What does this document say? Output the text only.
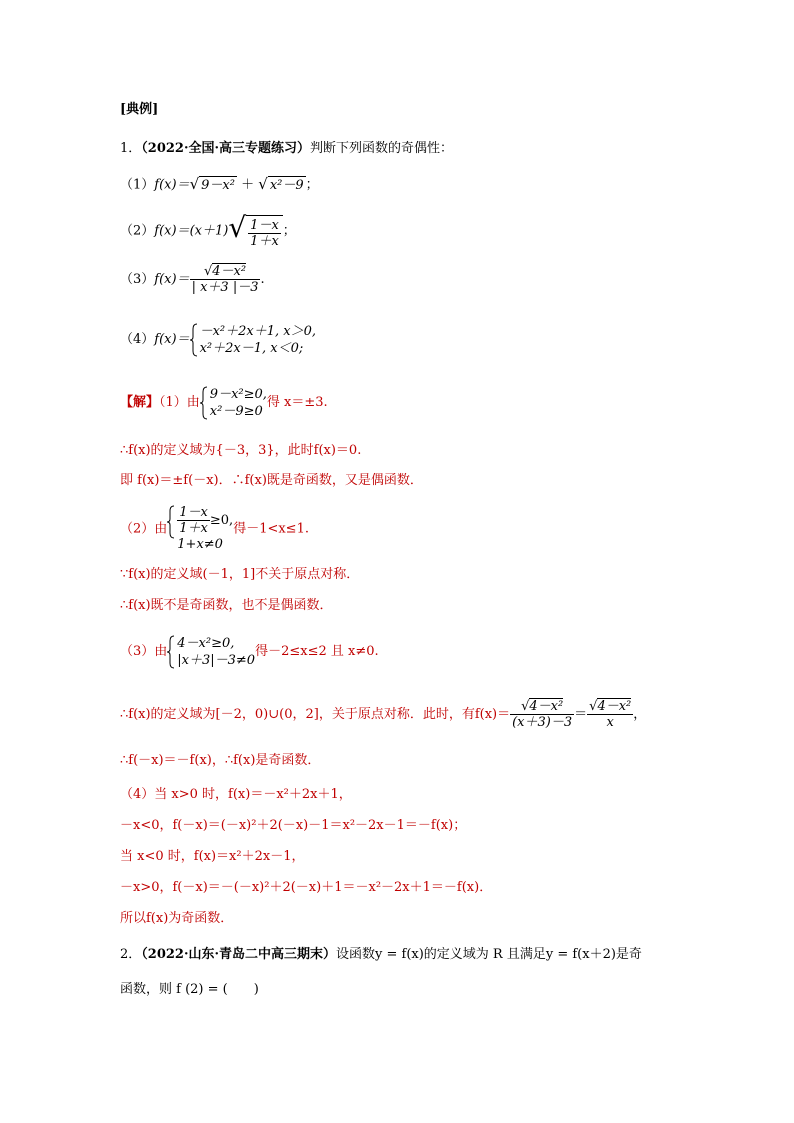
[典例]
1．（2022·全国·高三专题练习）判断下列函数的奇偶性：
（1）f(x)＝√ 9－x² ＋ √ x²－9 ；
$(2)f(x)=(x+1)√ \frac{1-x}{1+x}$ ；
$(3)f(x)= \frac{\text{√4－x²}}{| x+3 |-3}$ .
（4）f(x)＝
－x²＋2x＋1, x＞0,
x²＋2x－1, x＜0;
【解】（1）由
9－x²≥0,
x²－9≥0
得 x＝±3.
∴f(x)的定义域为{－3，3}，此时f(x)＝0.
即 f(x)＝±f(－x)．∴f(x)既是奇函数，又是偶函数．
（2）由 $\frac{1-x}{1+x} \ge 0$,
1+x≠0
得－1<x≤1.
∵f(x)的定义域(－1，1]不关于原点对称．
∴f(x)既不是奇函数，也不是偶函数．
（3）由
4－x²≥0,
|x＋3|－3≠0
得－2≤x≤2 且 x≠0.
∴f(x)的定义域为[－2，0)∪(0，2]，关于原点对称．此时，有$f(x)= \frac{\text{√4－x²}}{(x+3)-3} = \frac{\text{√4－x²}}{x}$ ，
∴f(－x)＝－f(x)，∴f(x)是奇函数．
（4）当 x>0 时，f(x)＝－x²＋2x＋1，
－x<0，f(－x)＝(－x)²＋2(－x)－1＝x²－2x－1＝－f(x)；
当 x<0 时，f(x)＝x²＋2x－1，
－x>0，f(－x)＝－(－x)²＋2(－x)＋1＝－x²－2x＋1＝－f(x)．
所以f(x)为奇函数．
2．（2022·山东·青岛二中高三期末）设函数y = f(x)的定义域为 R 且满足y = f(x＋2)是奇
函数，则 f (2) = (　　)
